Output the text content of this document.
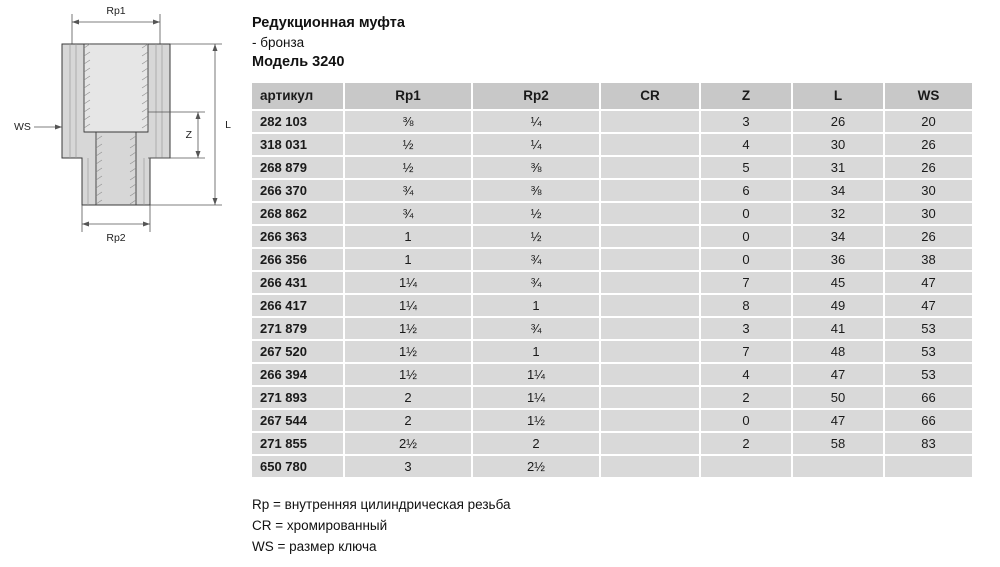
Rp1
WS
Z
L
Rp2
Редукционная муфта
- бронза
Модель 3240
артикул	Rp1	Rp2	CR	Z	L	WS
282 103	⅜	¼		3	26	20
318 031	½	¼		4	30	26
268 879	½	⅜		5	31	26
266 370	¾	⅜		6	34	30
268 862	¾	½		0	32	30
266 363	1	½		0	34	26
266 356	1	¾		0	36	38
266 431	1¼	¾		7	45	47
266 417	1¼	1		8	49	47
271 879	1½	¾		3	41	53
267 520	1½	1		7	48	53
266 394	1½	1¼		4	47	53
271 893	2	1¼		2	50	66
267 544	2	1½		0	47	66
271 855	2½	2		2	58	83
650 780	3	2½				
Rp = внутренняя цилиндрическая резьба
CR = хромированный
WS = размер ключа
